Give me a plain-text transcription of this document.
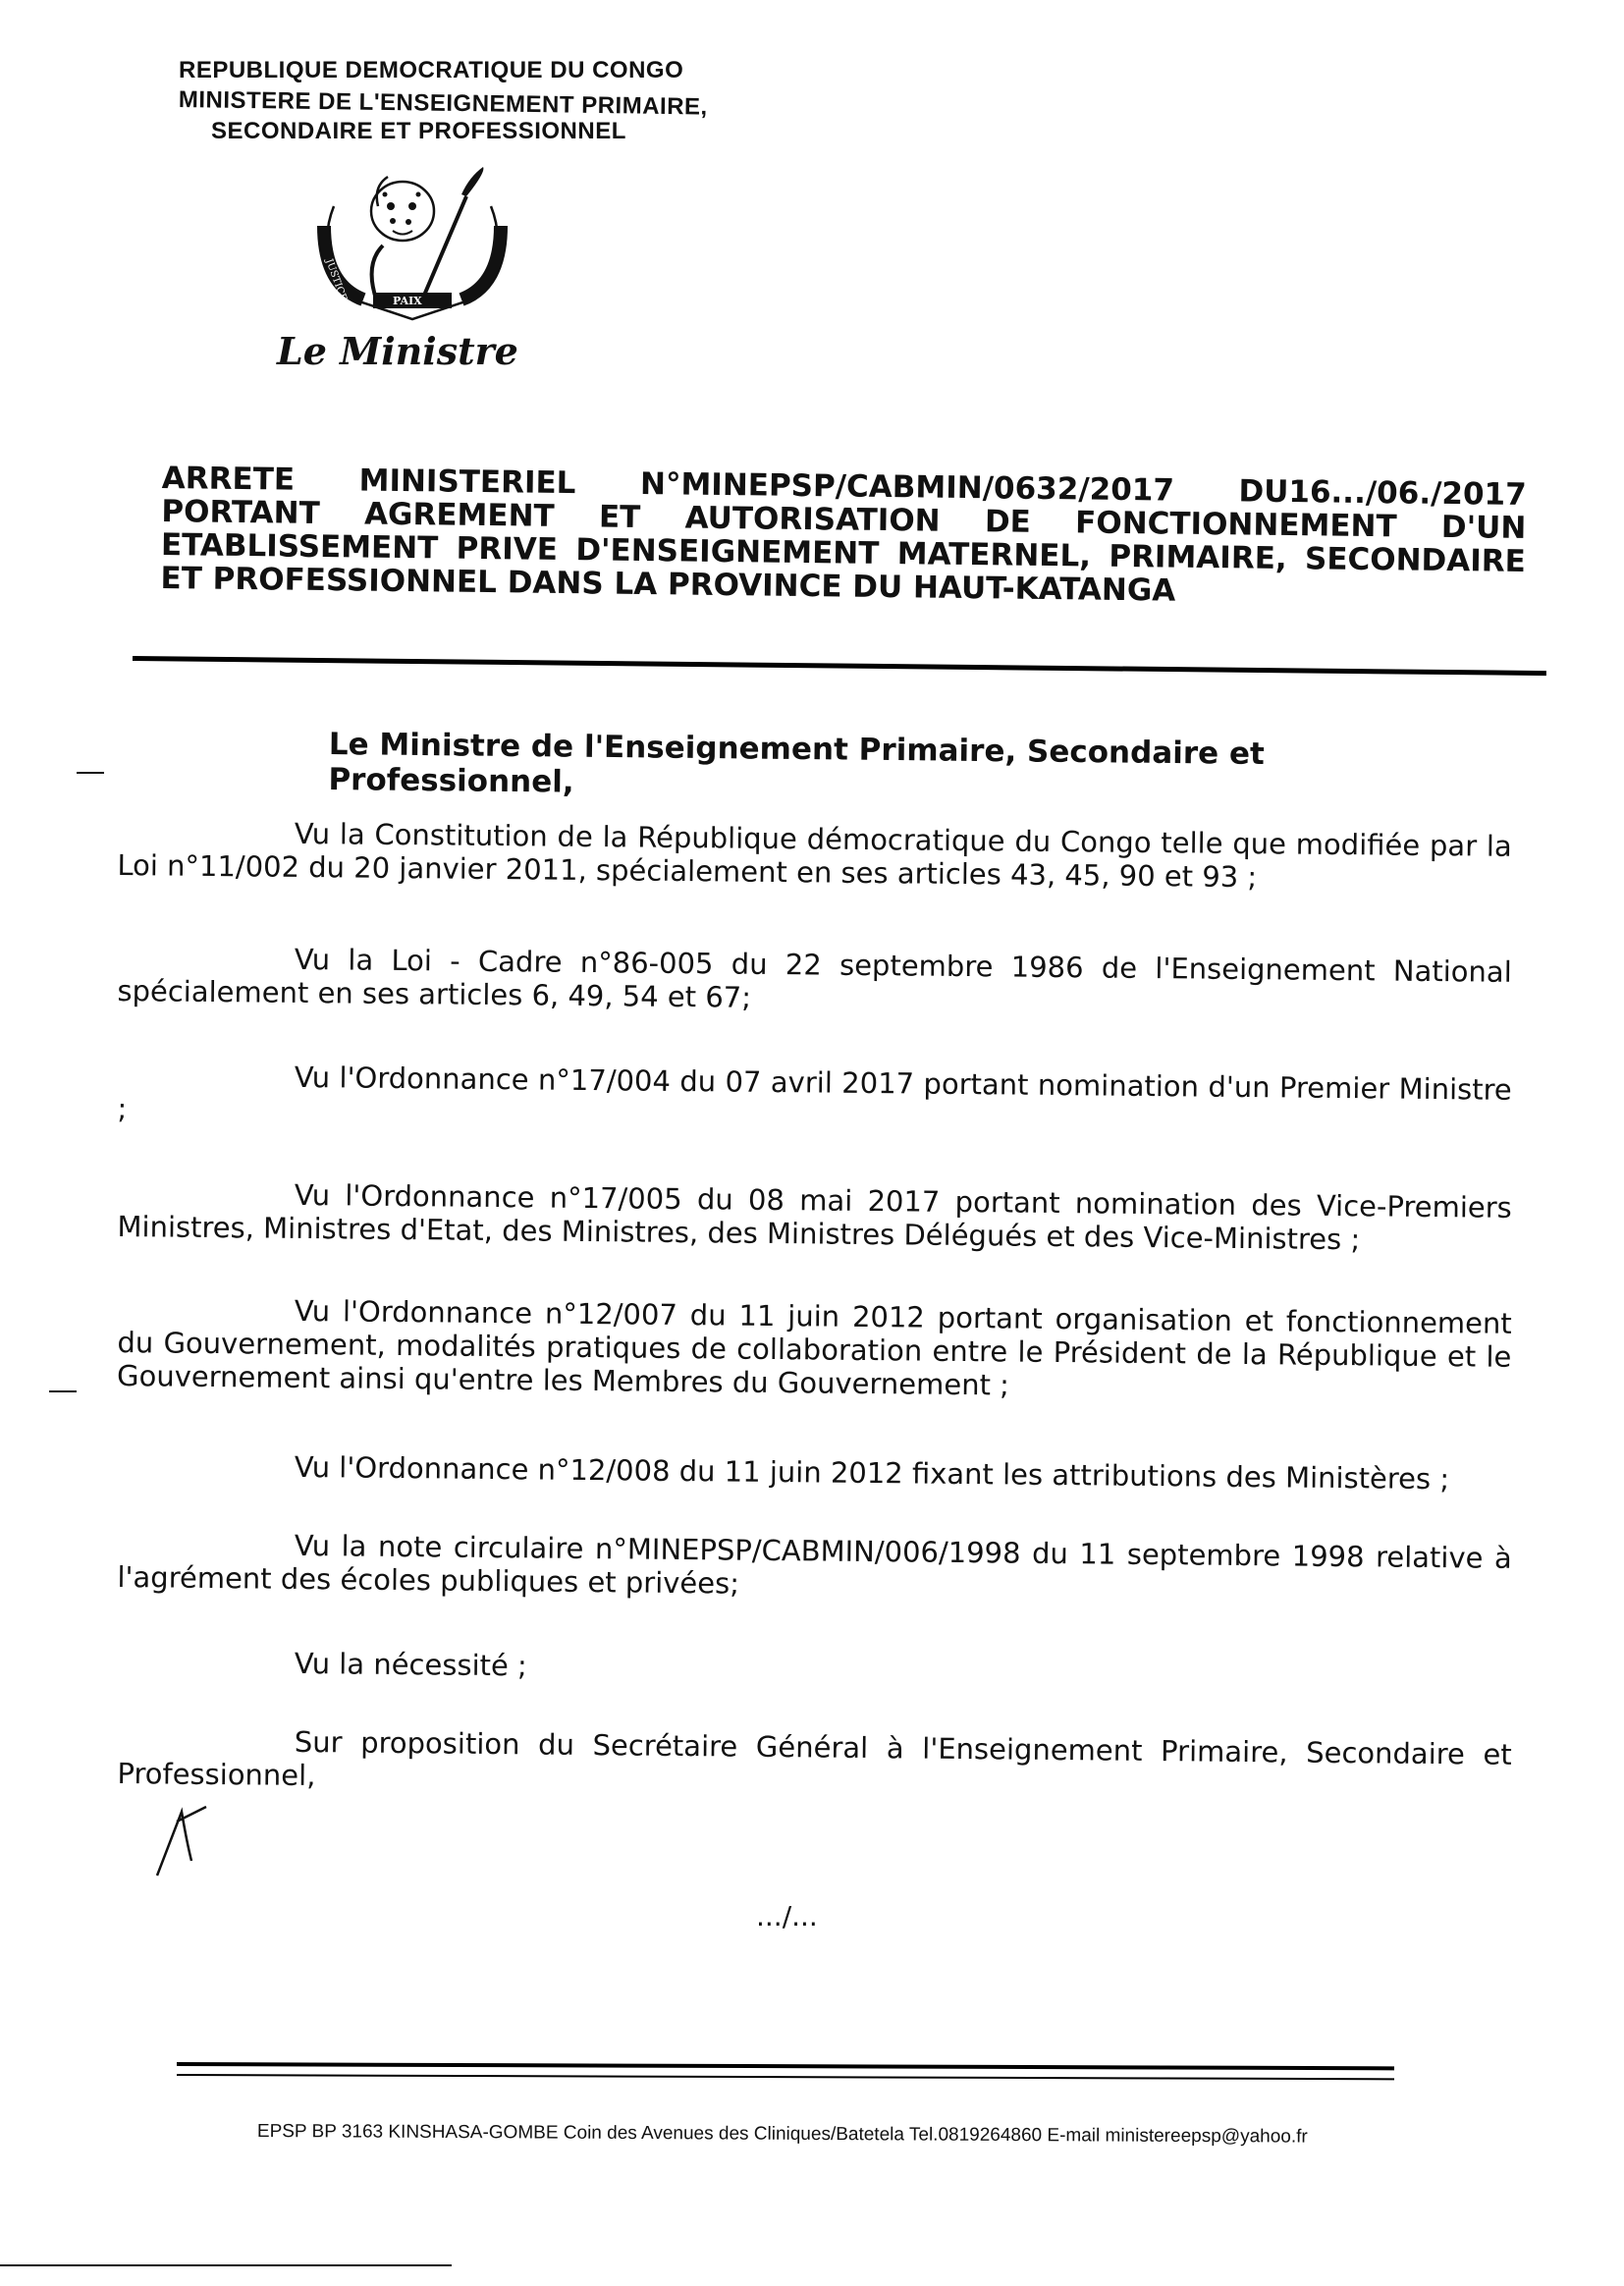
REPUBLIQUE DEMOCRATIQUE DU CONGO
MINISTERE DE L'ENSEIGNEMENT PRIMAIRE,
SECONDAIRE ET PROFESSIONNEL
JUSTICE	PAIX
TRAVAIL
Le Ministre
ARRETE MINISTERIEL N°MINEPSP/CABMIN/0632/2017 DU16.../06./2017 PORTANT AGREMENT ET AUTORISATION DE FONCTIONNEMENT D'UN ETABLISSEMENT PRIVE D'ENSEIGNEMENT MATERNEL, PRIMAIRE, SECONDAIRE ET PROFESSIONNEL DANS LA PROVINCE DU HAUT-KATANGA
Le Ministre de l'Enseignement Primaire, Secondaire et Professionnel,

Vu la Constitution de la République démocratique du Congo telle que modifiée par la Loi n°11/002 du 20 janvier 2011, spécialement en ses articles 43, 45, 90 et 93 ;

Vu la Loi - Cadre n°86-005 du 22 septembre 1986 de l'Enseignement National spécialement en ses articles 6, 49, 54 et 67;

Vu l'Ordonnance n°17/004 du 07 avril 2017 portant nomination d'un Premier Ministre ;

Vu l'Ordonnance n°17/005 du 08 mai 2017 portant nomination des Vice-Premiers Ministres, Ministres d'Etat, des Ministres, des Ministres Délégués et des Vice-Ministres ;

Vu l'Ordonnance n°12/007 du 11 juin 2012 portant organisation et fonctionnement du Gouvernement, modalités pratiques de collaboration entre le Président de la République et le Gouvernement ainsi qu'entre les Membres du Gouvernement ;

Vu l'Ordonnance n°12/008 du 11 juin 2012 fixant les attributions des Ministères ;

Vu la note circulaire n°MINEPSP/CABMIN/006/1998 du 11 septembre 1998 relative à l'agrément des écoles publiques et privées;

Vu la nécessité ;

Sur proposition du Secrétaire Général à l'Enseignement Primaire, Secondaire et Professionnel,

.../...
EPSP BP 3163 KINSHASA-GOMBE Coin des Avenues des Cliniques/Batetela Tel.0819264860 E-mail ministereepsp@yahoo.fr
